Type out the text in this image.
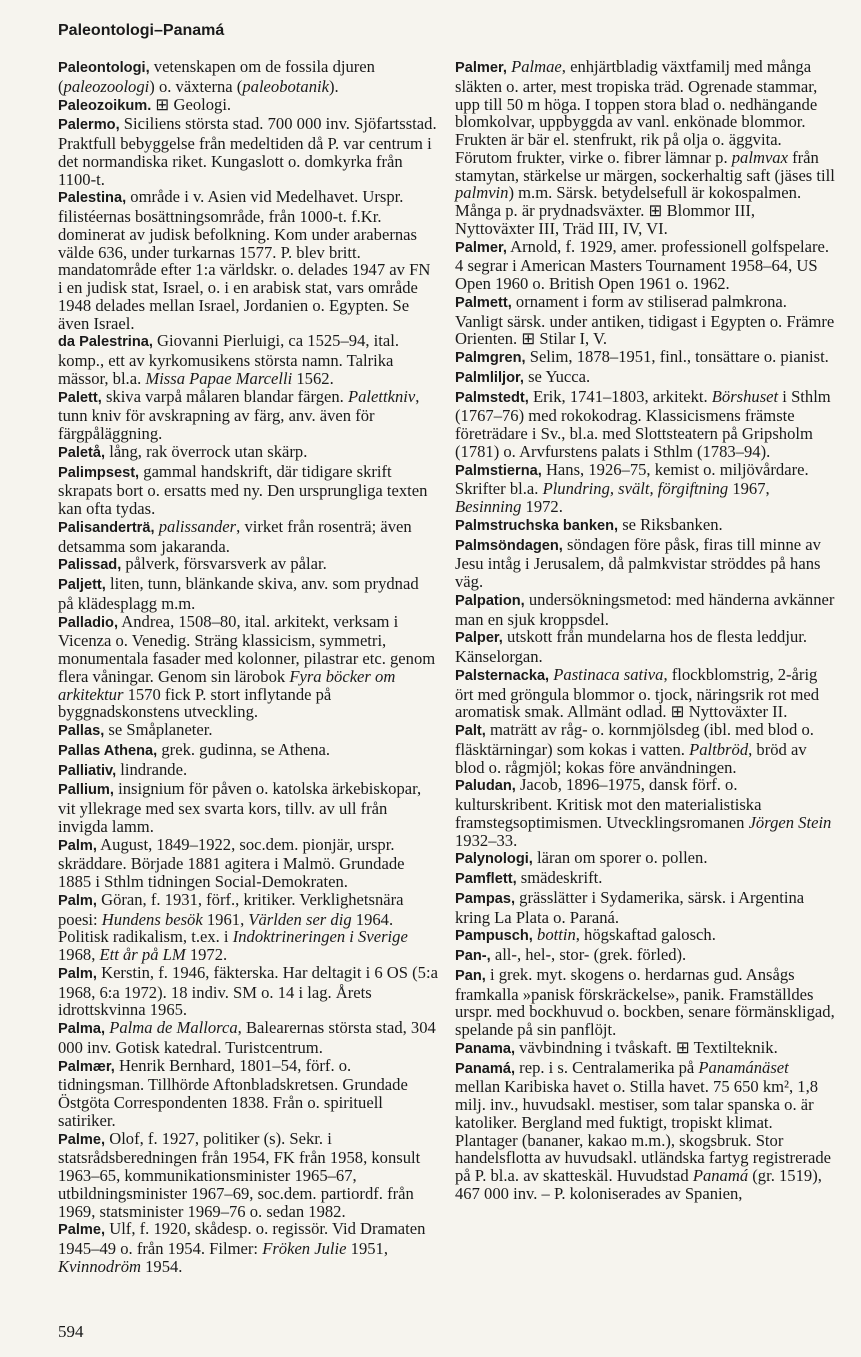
Paleontologi–Panamá

Paleontologi, vetenskapen om de fossila djuren (paleozoologi) o. växterna (paleobotanik).

Paleozoikum. ⊞ Geologi.

Palermo, Siciliens största stad. 700 000 inv. Sjöfartsstad. Praktfull bebyggelse från medeltiden då P. var centrum i det normandiska riket. Kungaslott o. domkyrka från 1100-t.

Palestina, område i v. Asien vid Medelhavet. Urspr. filistéernas bosättningsområde, från 1000-t. f.Kr. dominerat av judisk befolkning. Kom under arabernas välde 636, under turkarnas 1577. P. blev britt. mandatområde efter 1:a världskr. o. delades 1947 av FN i en judisk stat, Israel, o. i en arabisk stat, vars område 1948 delades mellan Israel, Jordanien o. Egypten. Se även Israel.

da Palestrina, Giovanni Pierluigi, ca 1525–94, ital. komp., ett av kyrkomusikens största namn. Talrika mässor, bl.a. Missa Papae Marcelli 1562.

Palett, skiva varpå målaren blandar färgen. Palettkniv, tunn kniv för avskrapning av färg, anv. även för färgpåläggning.

Paletå, lång, rak överrock utan skärp.

Palimpsest, gammal handskrift, där tidigare skrift skrapats bort o. ersatts med ny. Den ursprungliga texten kan ofta tydas.

Palisanderträ, palissander, virket från rosenträ; även detsamma som jakaranda.

Palissad, pålverk, försvarsverk av pålar.

Paljett, liten, tunn, blänkande skiva, anv. som prydnad på klädesplagg m.m.

Palladio, Andrea, 1508–80, ital. arkitekt, verksam i Vicenza o. Venedig. Sträng klassicism, symmetri, monumentala fasader med kolonner, pilastrar etc. genom flera våningar. Genom sin lärobok Fyra böcker om arkitektur 1570 fick P. stort inflytande på byggnadskonstens utveckling.

Pallas, se Småplaneter.

Pallas Athena, grek. gudinna, se Athena.

Palliativ, lindrande.

Pallium, insignium för påven o. katolska ärkebiskopar, vit yllekrage med sex svarta kors, tillv. av ull från invigda lamm.

Palm, August, 1849–1922, soc.dem. pionjär, urspr. skräddare. Började 1881 agitera i Malmö. Grundade 1885 i Sthlm tidningen Social-Demokraten.

Palm, Göran, f. 1931, förf., kritiker. Verklighetsnära poesi: Hundens besök 1961, Världen ser dig 1964. Politisk radikalism, t.ex. i Indoktrineringen i Sverige 1968, Ett år på LM 1972.

Palm, Kerstin, f. 1946, fäkterska. Har deltagit i 6 OS (5:a 1968, 6:a 1972). 18 indiv. SM o. 14 i lag. Årets idrottskvinna 1965.

Palma, Palma de Mallorca, Balearernas största stad, 304 000 inv. Gotisk katedral. Turistcentrum.

Palmær, Henrik Bernhard, 1801–54, förf. o. tidningsman. Tillhörde Aftonbladskretsen. Grundade Östgöta Correspondenten 1838. Från o. spirituell satiriker.

Palme, Olof, f. 1927, politiker (s). Sekr. i statsrådsberedningen från 1954, FK från 1958, konsult 1963–65, kommunikationsminister 1965–67, utbildningsminister 1967–69, soc.dem. partiordf. från 1969, statsminister 1969–76 o. sedan 1982.

Palme, Ulf, f. 1920, skådesp. o. regissör. Vid Dramaten 1945–49 o. från 1954. Filmer: Fröken Julie 1951, Kvinnodröm 1954.

Palmer, Palmae, enhjärtbladig växtfamilj med många släkten o. arter, mest tropiska träd. Ogrenade stammar, upp till 50 m höga. I toppen stora blad o. nedhängande blomkolvar, uppbyggda av vanl. enkönade blommor. Frukten är bär el. stenfrukt, rik på olja o. äggvita. Förutom frukter, virke o. fibrer lämnar p. palmvax från stamytan, stärkelse ur märgen, sockerhaltig saft (jäses till palmvin) m.m. Särsk. betydelsefull är kokospalmen. Många p. är prydnadsväxter. ⊞ Blommor III, Nyttoväxter III, Träd III, IV, VI.

Palmer, Arnold, f. 1929, amer. professionell golfspelare. 4 segrar i American Masters Tournament 1958–64, US Open 1960 o. British Open 1961 o. 1962.

Palmett, ornament i form av stiliserad palmkrona. Vanligt särsk. under antiken, tidigast i Egypten o. Främre Orienten. ⊞ Stilar I, V.

Palmgren, Selim, 1878–1951, finl., tonsättare o. pianist.

Palmliljor, se Yucca.

Palmstedt, Erik, 1741–1803, arkitekt. Börshuset i Sthlm (1767–76) med rokokodrag. Klassicismens främste företrädare i Sv., bl.a. med Slottsteatern på Gripsholm (1781) o. Arvfurstens palats i Sthlm (1783–94).

Palmstierna, Hans, 1926–75, kemist o. miljövårdare. Skrifter bl.a. Plundring, svält, förgiftning 1967, Besinning 1972.

Palmstruchska banken, se Riksbanken.

Palmsöndagen, söndagen före påsk, firas till minne av Jesu intåg i Jerusalem, då palmkvistar ströddes på hans väg.

Palpation, undersökningsmetod: med händerna avkänner man en sjuk kroppsdel.

Palper, utskott från mundelarna hos de flesta leddjur. Känselorgan.

Palsternacka, Pastinaca sativa, flockblomstrig, 2-årig ört med gröngula blommor o. tjock, näringsrik rot med aromatisk smak. Allmänt odlad. ⊞ Nyttoväxter II.

Palt, maträtt av råg- o. kornmjölsdeg (ibl. med blod o. fläsktärningar) som kokas i vatten. Paltbröd, bröd av blod o. rågmjöl; kokas före användningen.

Paludan, Jacob, 1896–1975, dansk förf. o. kulturskribent. Kritisk mot den materialistiska framstegsoptimismen. Utvecklingsromanen Jörgen Stein 1932–33.

Palynologi, läran om sporer o. pollen.

Pamflett, smädeskrift.

Pampas, grässlätter i Sydamerika, särsk. i Argentina kring La Plata o. Paraná.

Pampusch, bottin, högskaftad galosch.

Pan-, all-, hel-, stor- (grek. förled).

Pan, i grek. myt. skogens o. herdarnas gud. Ansågs framkalla »panisk förskräckelse», panik. Framställdes urspr. med bockhuvud o. bockben, senare förmänskligad, spelande på sin panflöjt.

Panama, vävbindning i tvåskaft. ⊞ Textilteknik.

Panamá, rep. i s. Centralamerika på Panamánäset mellan Karibiska havet o. Stilla havet. 75 650 km², 1,8 milj. inv., huvudsakl. mestiser, som talar spanska o. är katoliker. Bergland med fuktigt, tropiskt klimat. Plantager (bananer, kakao m.m.), skogsbruk. Stor handelsflotta av huvudsakl. utländska fartyg registrerade på P. bl.a. av skatteskäl. Huvudstad Panamá (gr. 1519), 467 000 inv. – P. koloniserades av Spanien,

594
